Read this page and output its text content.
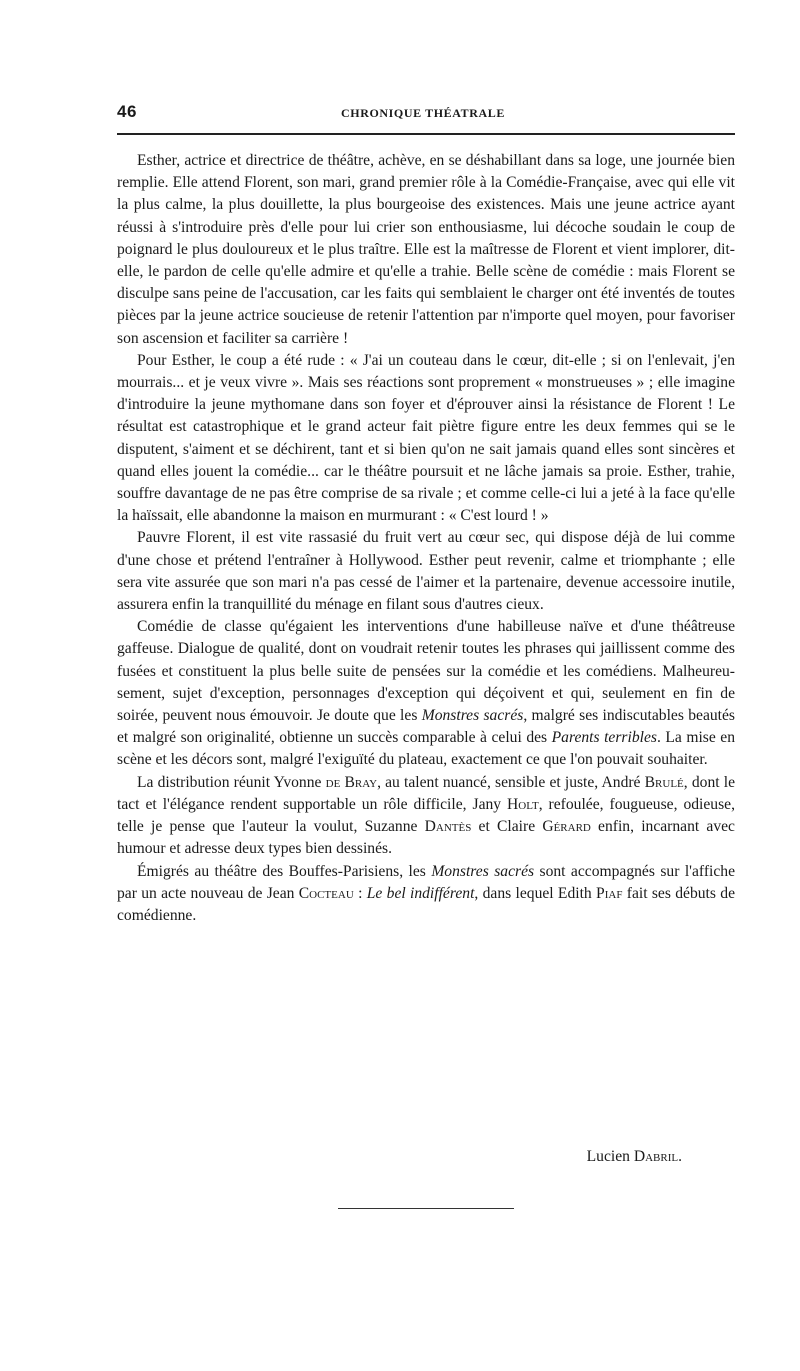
46	CHRONIQUE THÉATRALE

Esther, actrice et directrice de théâtre, achève, en se déshabillant dans sa loge, une journée bien remplie. Elle attend Florent, son mari, grand premier rôle à la Comédie-Française, avec qui elle vit la plus calme, la plus douillette, la plus bourgeoise des existences. Mais une jeune actrice ayant réussi à s'introduire près d'elle pour lui crier son enthousiasme, lui décoche soudain le coup de poignard le plus douloureux et le plus traître. Elle est la maîtresse de Florent et vient implorer, dit-elle, le pardon de celle qu'elle admire et qu'elle a trahie. Belle scène de comédie : mais Florent se disculpe sans peine de l'accusation, car les faits qui semblaient le charger ont été inventés de toutes pièces par la jeune actrice soucieuse de retenir l'attention par n'importe quel moyen, pour favoriser son ascension et faciliter sa carrière !

Pour Esther, le coup a été rude : « J'ai un couteau dans le cœur, dit-elle ; si on l'enlevait, j'en mourrais... et je veux vivre ». Mais ses réactions sont proprement « monstrueuses » ; elle imagine d'introduire la jeune mythomane dans son foyer et d'éprouver ainsi la résistance de Florent ! Le résultat est catastrophique et le grand acteur fait piètre figure entre les deux femmes qui se le disputent, s'aiment et se déchirent, tant et si bien qu'on ne sait jamais quand elles sont sincères et quand elles jouent la comédie... car le théâtre poursuit et ne lâche jamais sa proie. Esther, trahie, souffre davantage de ne pas être comprise de sa rivale ; et comme celle-ci lui a jeté à la face qu'elle la haïssait, elle abandonne la maison en murmurant : « C'est lourd ! »

Pauvre Florent, il est vite rassasié du fruit vert au cœur sec, qui dispose déjà de lui comme d'une chose et prétend l'entraîner à Hollywood. Esther peut revenir, calme et triomphante ; elle sera vite assurée que son mari n'a pas cessé de l'aimer et la partenaire, devenue accessoire inutile, assurera enfin la tranquillité du ménage en filant sous d'autres cieux.

Comédie de classe qu'égaient les interventions d'une habilleuse naïve et d'une théâtreuse gaffeuse. Dialogue de qualité, dont on voudrait retenir toutes les phrases qui jaillissent comme des fusées et constituent la plus belle suite de pensées sur la comédie et les comédiens. Malheureusement, sujet d'exception, personnages d'exception qui déçoivent et qui, seulement en fin de soirée, peuvent nous émouvoir. Je doute que les Monstres sacrés, malgré ses indiscutables beautés et malgré son originalité, obtienne un succès comparable à celui des Parents terribles. La mise en scène et les décors sont, malgré l'exiguïté du plateau, exactement ce que l'on pouvait souhaiter.

La distribution réunit Yvonne de Bray, au talent nuancé, sensible et juste, André Brulé, dont le tact et l'élégance rendent supportable un rôle difficile, Jany Holt, refoulée, fougueuse, odieuse, telle je pense que l'auteur la voulut, Suzanne Dantès et Claire Gérard enfin, incarnant avec humour et adresse deux types bien dessinés.

Émigrés au théâtre des Bouffes-Parisiens, les Monstres sacrés sont accompagnés sur l'affiche par un acte nouveau de Jean Cocteau : Le bel indifférent, dans lequel Edith Piaf fait ses débuts de comédienne.

Lucien Dabril.
